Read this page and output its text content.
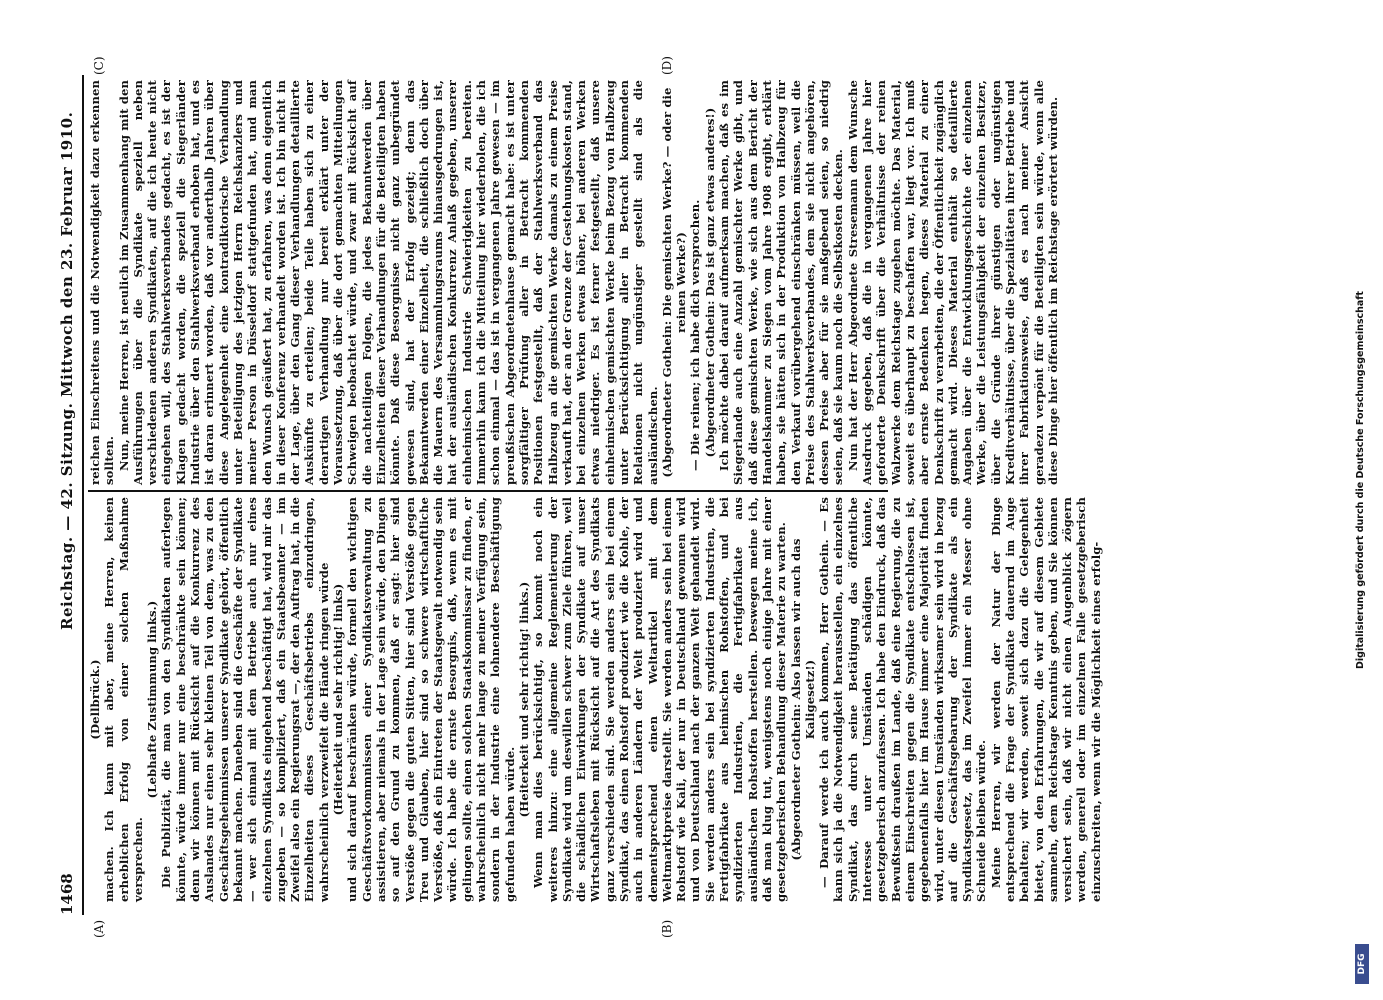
1468
Reichstag. — 42. Sitzung. Mittwoch den 23. Februar 1910.
(A)	(B)
(C)	(D)

(Dellbrück.) machen. Ich kann mit aber, meine Herren, keinen erheblichen Erfolg von einer solchen Maßnahme versprechen.

(Lebhafte Zustimmung links.) Die Publizität, die man von den Syndikaten auferlegen könnte, würde immer nur eine beschränkte sein können; denn wir können mit Rücksicht auf die Konkurrenz des Auslandes nur einen sehr kleinen Teil von dem, was zu den Geschäftsgeheimnissen unserer Syndikate gehört, öffentlich bekannt machen. Daneben sind die Geschäfte der Syndikate — wer sich einmal mit dem Betriebe auch nur eines einzelnen Syndikats eingehend beschäftigt hat, wird mir das zugeben — so kompliziert, daß ein Staatsbeamter — im Zweifel also ein Regierungsrat —, der den Auftrag hat, in die Einzelheiten dieses Geschäftsbetriebs einzudringen, wahrscheinlich verzweifelt die Hände ringen würde (Heiterkeit und sehr richtig! links) und sich darauf beschränken würde, formell den wichtigen Geschäftsvorkommnissen einer Syndikatsverwaltung zu assistieren, aber niemals in der Lage sein würde, den Dingen so auf den Grund zu kommen, daß er sagt: hier sind Verstöße gegen die guten Sitten, hier sind Verstöße gegen Treu und Glauben, hier sind so schwere wirtschaftliche Verstöße, daß ein Eintreten der Staatsgewalt notwendig sein würde. Ich habe die ernste Besorgnis, daß, wenn es mit gelingen sollte, einen solchen Staatskommissar zu finden, er wahrscheinlich nicht mehr lange zu meiner Verfügung sein, sondern in der Industrie eine lohnendere Beschäftigung gefunden haben würde.

(Heiterkeit und sehr richtig! links.) Wenn man dies berücksichtigt, so kommt noch ein weiteres hinzu: eine allgemeine Reglementierung der Syndikate wird um deswillen schwer zum Ziele führen, weil die schädlichen Einwirkungen der Syndikate auf unser Wirtschaftsleben mit Rücksicht auf die Art des Syndikats ganz verschieden sind. Sie werden anders sein bei einem Syndikat, das einen Rohstoff produziert wie die Kohle, der auch in anderen Ländern der Welt produziert wird und dementsprechend einen Weltartikel mit dem Weltmarktpreise darstellt. Sie werden anders sein bei einem Rohstoff wie Kali, der nur in Deutschland gewonnen wird und von Deutschland nach der ganzen Welt gehandelt wird. Sie werden anders sein bei syndizierten Industrien, die Fertigfabrikate aus heimischen Rohstoffen, und bei syndizierten Industrien, die Fertigfabrikate aus ausländischen Rohstoffen herstellen. Deswegen meine ich, daß man klug tut, wenigstens noch einige Jahre mit einer gesetzgeberischen Behandlung dieser Materie zu warten. (Abgeordneter Gothein: Also lassen wir auch das Kaligesetz!) — Darauf werde ich auch kommen, Herr Gothein. — Es kann sich ja die Notwendigkeit herausstellen, ein einzelnes Syndikat, das durch seine Betätigung das öffentliche Interesse unter Umständen schädigen könnte, gesetzgeberisch anzufassen. Ich habe den Eindruck, daß das Bewußtsein draußen im Lande, daß eine Regierung, die zu einem Einschreiten gegen die Syndikate entschlossen ist, gegebenenfalls hier im Hause immer eine Majorität finden wird, unter diesen Umständen wirksamer sein wird in bezug auf die Geschäftsgebarung der Syndikate als ein Syndikatsgesetz, das im Zweifel immer ein Messer ohne Schneide bleiben würde. Meine Herren, wir werden der Natur der Dinge entsprechend die Frage der Syndikate dauernd im Auge behalten; wir werden, soweit sich dazu die Gelegenheit bietet, von den Erfahrungen, die wir auf diesem Gebiete sammeln, dem Reichstage Kenntnis geben, und Sie können versichert sein, daß wir nicht einen Augenblick zögern werden, generell oder im einzelnen Falle gesetzgeberisch einzuschreiten, wenn wir die Möglichkeit eines erfolg-

reichen Einschreitens und die Notwendigkeit dazu erkennen sollten. Nun, meine Herren, ist neulich im Zusammenhang mit den Ausführungen über die Syndikate speziell neben verschiedenen anderen Syndikaten, auf die ich heute nicht eingehen will, des Stahlwerksverbandes gedacht, es ist der Klagen gedacht worden, die speziell die Siegerländer Industrie über den Stahlwerksverband erhoben hat, und es ist daran erinnert worden, daß vor anderthalb Jahren über diese Angelegenheit eine kontradiktorische Verhandlung unter Beteiligung des jetzigen Herrn Reichskanzlers und meiner Person in Düsseldorf stattgefunden hat, und man den Wunsch geäußert hat, zu erfahren, was denn eigentlich in dieser Konferenz verhandelt worden ist. Ich bin nicht in der Lage, über den Gang dieser Verhandlungen detaillierte Auskünfte zu erteilen; beide Teile haben sich zu einer derartigen Verhandlung nur bereit erklärt unter der Voraussetzung, daß über die dort gemachten Mitteilungen Schweigen beobachtet würde, und zwar mit Rücksicht auf die nachteiligen Folgen, die jedes Bekanntwerden über Einzelheiten dieser Verhandlungen für die Beteiligten haben könnte. Daß diese Besorgnisse nicht ganz unbegründet gewesen sind, hat der Erfolg gezeigt; denn das Bekanntwerden einer Einzelheit, die schließlich doch über die Mauern des Versammlungsraums hinausgedrungen ist, hat der ausländischen Konkurrenz Anlaß gegeben, unserer einheimischen Industrie Schwierigkeiten zu bereiten. Immerhin kann ich die Mitteilung hier wiederholen, die ich schon einmal — das ist in vergangenen Jahre gewesen — im preußischen Abgeordnetenhause gemacht habe: es ist unter sorgfältiger Prüfung aller in Betracht kommenden Positionen festgestellt, daß der Stahlwerksverband das Halbzeug an die gemischten Werke damals zu einem Preise verkauft hat, der an der Grenze der Gestehungskosten stand, bei einzelnen Werken etwas höher, bei anderen Werken etwas niedriger. Es ist ferner festgestellt, daß unsere einheimischen gemischten Werke beim Bezug von Halbzeug unter Berücksichtigung aller in Betracht kommenden Relationen nicht ungünstiger gestellt sind als die ausländischen. (Abgeordneter Gothein: Die gemischten Werke? — oder die reinen Werke?) — Die reinen; ich habe dich versprochen. (Abgeordneter Gothein: Das ist ganz etwas anderes!) Ich möchte dabei darauf aufmerksam machen, daß es im Siegerlande auch eine Anzahl gemischter Werke gibt, und daß diese gemischten Werke, wie sich aus dem Bericht der Handelskammer zu Siegen vom Jahre 1908 ergibt, erklärt haben, sie hätten sich in der Produktion von Halbzeug für den Verkauf vorübergehend einschränken müssen, weil die Preise des Stahlwerksverbandes, dem sie nicht angehören, dessen Preise aber für sie maßgebend seien, so niedrig seien, daß sie kaum noch die Selbstkosten decken. Nun hat der Herr Abgeordnete Stresemann dem Wunsche Ausdruck gegeben, daß die in vergangenen Jahre hier geforderte Denkschrift über die Verhältnisse der reinen Walzwerke dem Reichstage zugehen möchte. Das Material, soweit es überhaupt zu beschaffen war, liegt vor. Ich muß aber ernste Bedenken hegen, dieses Material zu einer Denkschrift zu verarbeiten, die der Öffentlichkeit zugänglich gemacht wird. Dieses Material enthält so detaillierte Angaben über die Entwicklungsgeschichte der einzelnen Werke, über die Leistungsfähigkeit der einzelnen Besitzer, über die Gründe ihrer günstigen oder ungünstigen Kreditverhältnisse, über die Spezialitäten ihrer Betriebe und ihrer Fabrikationsweise, daß es nach meiner Ansicht geradezu verpönt für die Beteiligten sein würde, wenn alle diese Dinge hier öffentlich im Reichstage erörtert würden.

DFG
Digitalisierung gefördert durch die Deutsche Forschungsgemeinschaft
